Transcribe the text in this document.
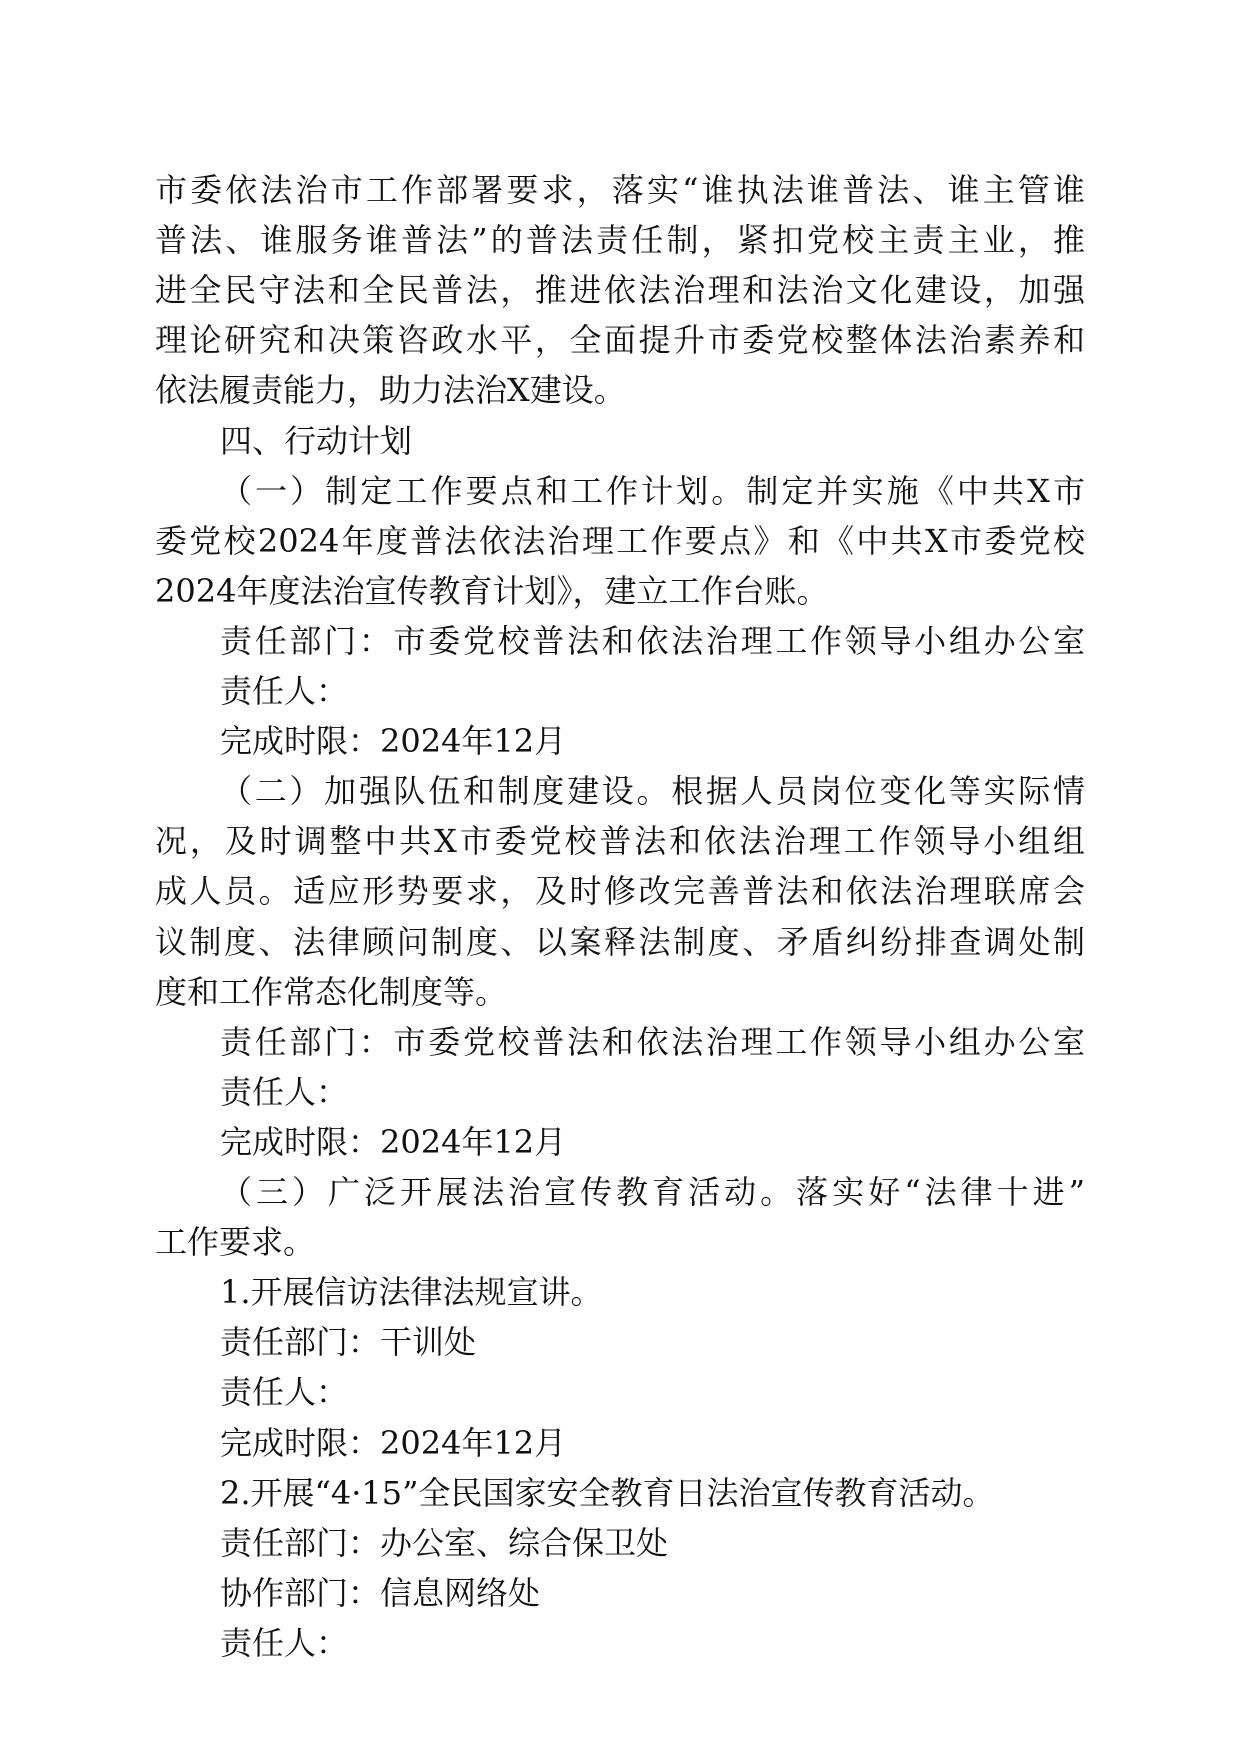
市委依法治市工作部署要求，落实“谁执法谁普法、谁主管谁
普法、谁服务谁普法”的普法责任制，紧扣党校主责主业，推
进全民守法和全民普法，推进依法治理和法治文化建设，加强
理论研究和决策咨政水平，全面提升市委党校整体法治素养和
依法履责能力，助力法治X建设。
四、行动计划
（一）制定工作要点和工作计划。制定并实施《中共X市
委党校2024年度普法依法治理工作要点》和《中共X市委党校
2024年度法治宣传教育计划》，建立工作台账。
责任部门：市委党校普法和依法治理工作领导小组办公室
责任人：
完成时限：2024年12月
（二）加强队伍和制度建设。根据人员岗位变化等实际情
况，及时调整中共X市委党校普法和依法治理工作领导小组组
成人员。适应形势要求，及时修改完善普法和依法治理联席会
议制度、法律顾问制度、以案释法制度、矛盾纠纷排查调处制
度和工作常态化制度等。
责任部门：市委党校普法和依法治理工作领导小组办公室
责任人：
完成时限：2024年12月
（三）广泛开展法治宣传教育活动。落实好“法律十进”
工作要求。
1.开展信访法律法规宣讲。
责任部门：干训处
责任人：
完成时限：2024年12月
2.开展“4·15”全民国家安全教育日法治宣传教育活动。
责任部门：办公室、综合保卫处
协作部门：信息网络处
责任人：
